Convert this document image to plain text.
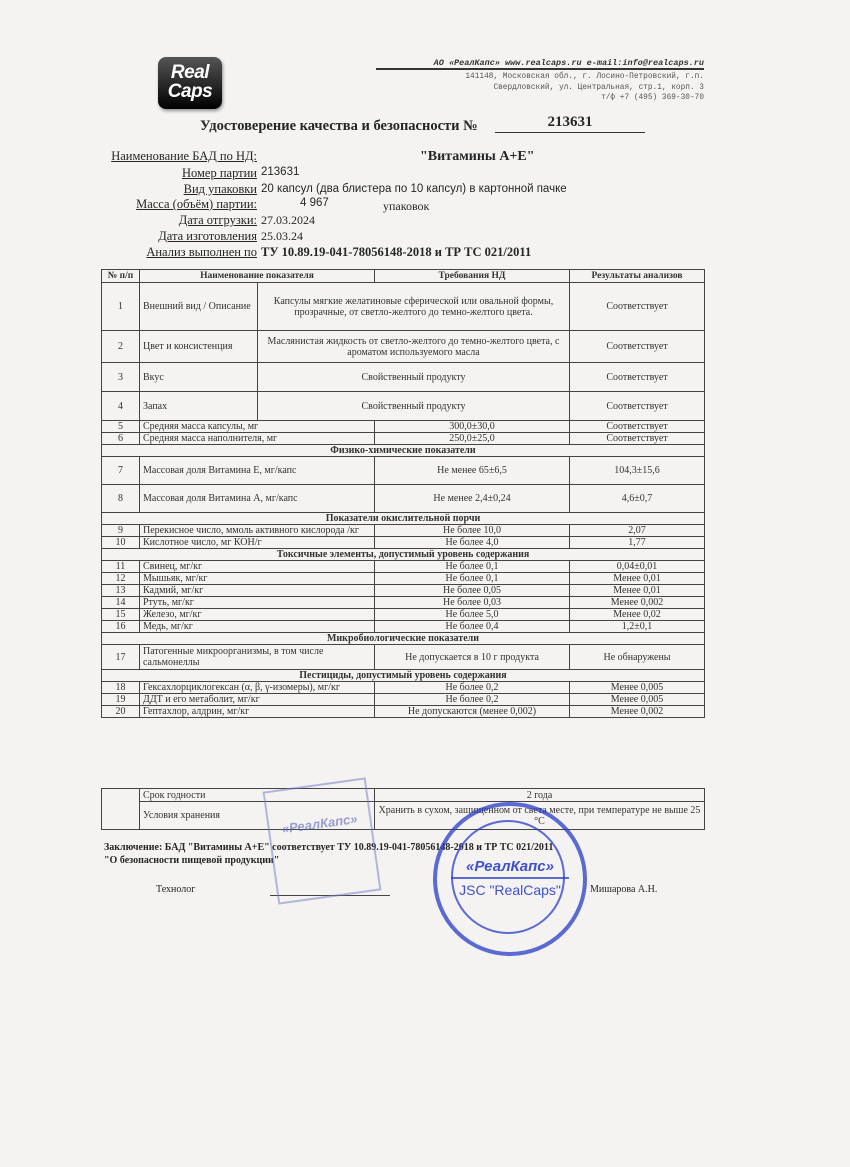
Real
Caps
АО «РеалКапс» www.realcaps.ru e-mail:info@realcaps.ru
141148, Московская обл., г. Лосино-Петровский, г.п.
Свердловский, ул. Центральная, стр.1, корп. 3
т/ф +7 (495) 369-30-70
Удостоверение качества и безопасности №	213631
Наименование БАД по НД:	"Витамины А+Е"
Номер партии 213631
Вид упаковки 20 капсул (два блистера по 10 капсул) в картонной пачке
Масса (объём) партии:	4 967	упаковок
Дата отгрузки: 27.03.2024
Дата изготовления 25.03.24
Анализ выполнен по ТУ 10.89.19-041-78056148-2018 и ТР ТС 021/2011
№ п/п	Наименование показателя		Требования НД	Результаты анализов
1	Внешний вид / Описание	Капсулы мягкие желатиновые сферической или овальной формы, прозрачные, от светло-желтого до темно-желтого цвета.		Соответствует
2	Цвет и консистенция	Маслянистая жидкость от светло-желтого до темно-желтого цвета, с ароматом используемого масла		Соответствует
3	Вкус	Свойственный продукту		Соответствует
4	Запах	Свойственный продукту		Соответствует
5	Средняя масса капсулы, мг		300,0±30,0	Соответствует
6	Средняя масса наполнителя, мг		250,0±25,0	Соответствует
Физико-химические показатели				
7	Массовая доля Витамина Е, мг/капс		Не менее 65±6,5	104,3±15,6
8	Массовая доля Витамина А, мг/капс		Не менее 2,4±0,24	4,6±0,7
Показатели окислительной порчи				
9	Перекисное число, ммоль активного кислорода /кг		Не более 10,0	2,07
10	Кислотное число, мг КОН/г		Не более 4,0	1,77
Токсичные элементы, допустимый уровень содержания				
11	Свинец, мг/кг		Не более 0,1	0,04±0,01
12	Мышьяк, мг/кг		Не более 0,1	Менее 0,01
13	Кадмий, мг/кг		Не более 0,05	Менее 0,01
14	Ртуть, мг/кг		Не более 0,03	Менее 0,002
15	Железо, мг/кг		Не более 5,0	Менее 0,02
16	Медь, мг/кг		Не более 0,4	1,2±0,1
Микробиологические показатели				
17	Патогенные микроорганизмы, в том числе сальмонеллы		Не допускается в 10 г продукта	Не обнаружены
Пестициды, допустимый уровень содержания				
18	Гексахлорциклогексан (α, β, γ-изомеры), мг/кг		Не более 0,2	Менее 0,005
19	ДДТ и его метаболит, мг/кг		Не более 0,2	Менее 0,005
20	Гептахлор, алдрин, мг/кг		Не допускаются (менее 0,002)	Менее 0,002
	Срок годности	2 года
	Условия хранения	Хранить в сухом, защищенном от света месте, при температуре не выше 25 °С
Заключение: БАД "Витамины А+Е" соответствует ТУ 10.89.19-041-78056148-2018 и ТР ТС 021/2011
"О безопасности пищевой продукции"
Технолог	Мишарова А.Н.
«РеалКапс»
«РеалКапс»
JSC "RealCaps"
